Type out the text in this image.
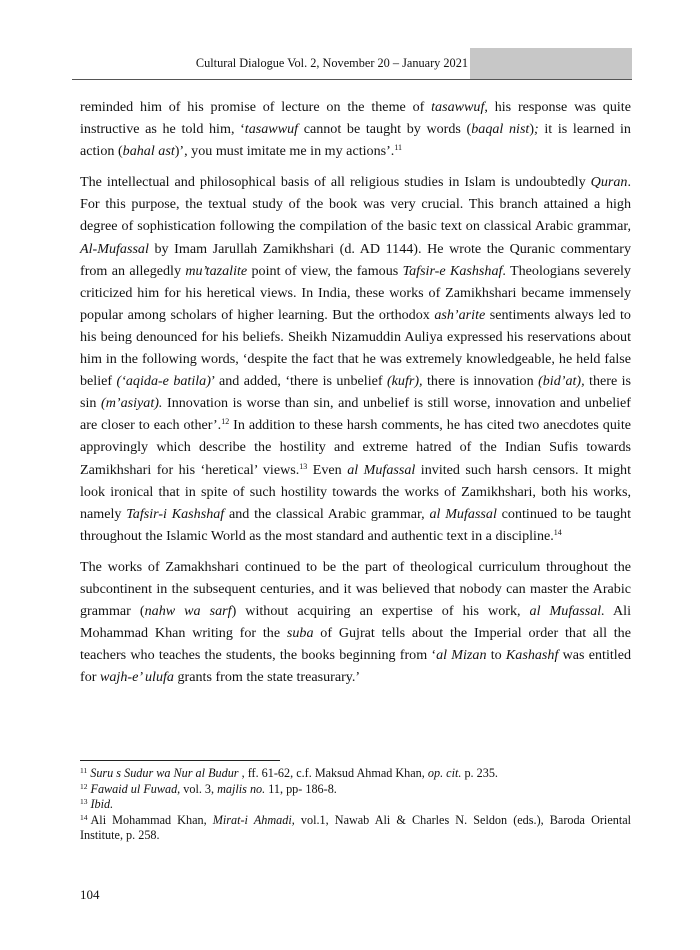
Cultural Dialogue Vol. 2, November 20 – January 2021

reminded him of his promise of lecture on the theme of tasawwuf, his response was quite instructive as he told him, ‘tasawwuf cannot be taught by words (baqal nist); it is learned in action (bahal ast)’, you must imitate me in my actions’.$^{11}$

The intellectual and philosophical basis of all religious studies in Islam is undoubtedly Quran. For this purpose, the textual study of the book was very crucial. This branch attained a high degree of sophistication following the compilation of the basic text on classical Arabic grammar, Al-Mufassal by Imam Jarullah Zamikhshari (d. AD 1144). He wrote the Quranic commentary from an allegedly mu’tazalite point of view, the famous Tafsir-e Kashshaf. Theologians severely criticized him for his heretical views. In India, these works of Zamikhshari became immensely popular among scholars of higher learning. But the orthodox ash’arite sentiments always led to his being denounced for his beliefs. Sheikh Nizamuddin Auliya expressed his reservations about him in the following words, ‘despite the fact that he was extremely knowledgeable, he held false belief (‘aqida-e batila)’ and added, ‘there is unbelief (kufr), there is innovation (bid’at), there is sin (m’asiyat). Innovation is worse than sin, and unbelief is still worse, innovation and unbelief are closer to each other’.$^{12}$ In addition to these harsh comments, he has cited two anecdotes quite approvingly which describe the hostility and extreme hatred of the Indian Sufis towards Zamikhshari for his ‘heretical’ views.$^{13}$ Even al Mufassal invited such harsh censors. It might look ironical that in spite of such hostility towards the works of Zamikhshari, both his works, namely Tafsir-i Kashshaf and the classical Arabic grammar, al Mufassal continued to be taught throughout the Islamic World as the most standard and authentic text in a discipline.$^{14}$

The works of Zamakhshari continued to be the part of theological curriculum throughout the subcontinent in the subsequent centuries, and it was believed that nobody can master the Arabic grammar (nahw wa sarf) without acquiring an expertise of his work, al Mufassal. Ali Mohammad Khan writing for the suba of Gujrat tells about the Imperial order that all the teachers who teaches the students, the books beginning from ‘al Mizan to Kashashf was entitled for wajh-e’ ulufa grants from the state treasurary.’

$^{11}$ Suru s Sudur wa Nur al Budur , ff. 61-62, c.f. Maksud Ahmad Khan, op. cit. p. 235.
$^{12}$ Fawaid ul Fuwad, vol. 3, majlis no. 11, pp- 186-8.
$^{13}$ Ibid.
$^{14}$ Ali Mohammad Khan, Mirat-i Ahmadi, vol.1, Nawab Ali & Charles N. Seldon (eds.), Baroda Oriental Institute, p. 258.
104
